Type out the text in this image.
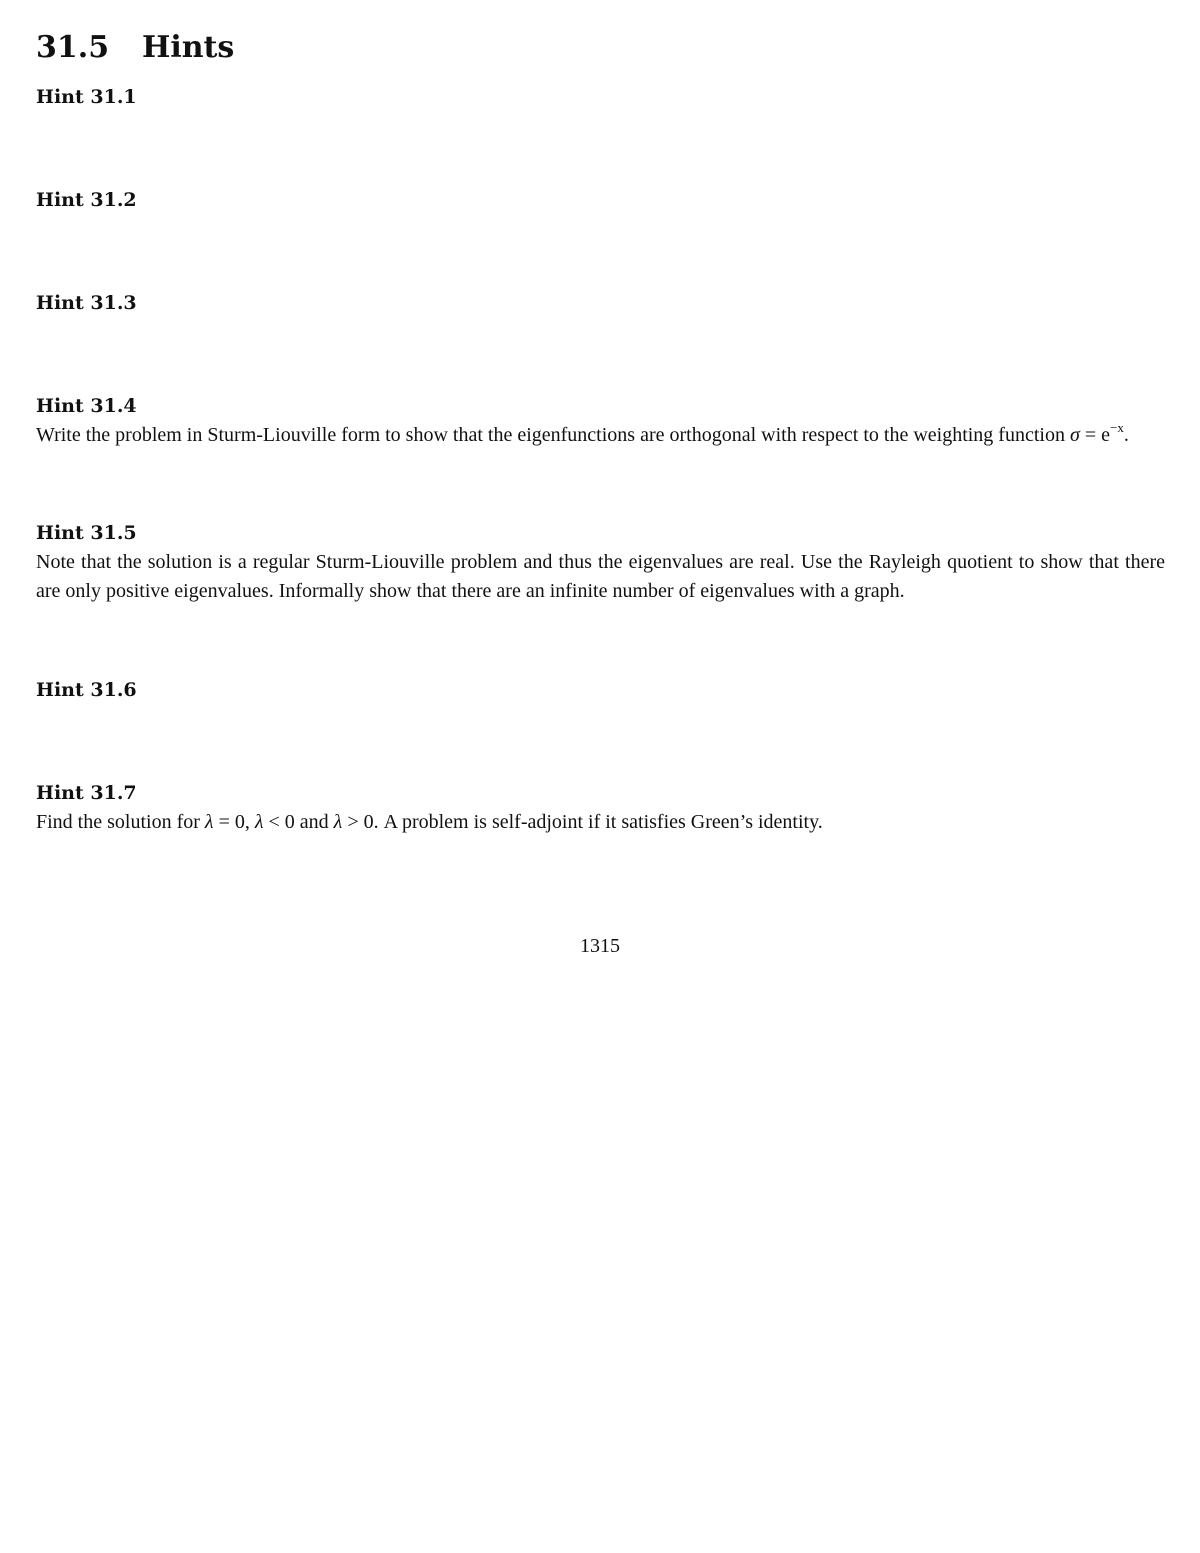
31.5 Hints
Hint 31.1
Hint 31.2
Hint 31.3
Hint 31.4

Write the problem in Sturm-Liouville form to show that the eigenfunctions are orthogonal with respect to the weighting function $\sigma = e^{-x}$.

Hint 31.5

Note that the solution is a regular Sturm-Liouville problem and thus the eigenvalues are real. Use the Rayleigh quotient to show that there are only positive eigenvalues. Informally show that there are an infinite number of eigenvalues with a graph.

Hint 31.6
Hint 31.7

Find the solution for λ = 0, λ < 0 and λ > 0. A problem is self-adjoint if it satisfies Green’s identity.

1315
